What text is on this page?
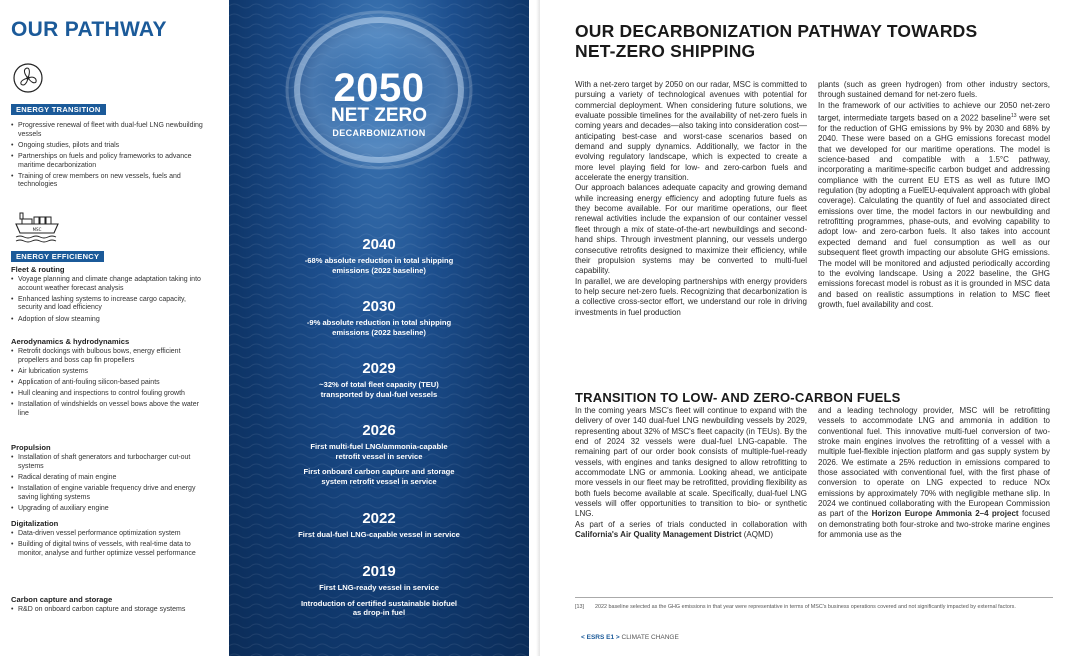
OUR PATHWAY
ENERGY TRANSITION
• Progressive renewal of fleet with dual-fuel LNG newbuilding vessels
• Ongoing studies, pilots and trials
• Partnerships on fuels and policy frameworks to advance maritime decarbonization
• Training of crew members on new vessels, fuels and technologies
MSC
ENERGY EFFICIENCY
Fleet & routing
• Voyage planning and climate change adaptation taking into account weather forecast analysis
• Enhanced lashing systems to increase cargo capacity, security and load efficiency
• Adoption of slow steaming
Aerodynamics & hydrodynamics
• Retrofit dockings with bulbous bows, energy efficient propellers and boss cap fin propellers
• Air lubrication systems
• Application of anti-fouling silicon-based paints
• Hull cleaning and inspections to control fouling growth
• Installation of windshields on vessel bows above the water line
Propulsion
• Installation of shaft generators and turbocharger cut-out systems
• Radical derating of main engine
• Installation of engine variable frequency drive and energy saving lighting systems
• Upgrading of auxiliary engine
Digitalization
• Data-driven vessel performance optimization system
• Building of digital twins of vessels, with real-time data to monitor, analyse and further optimize vessel performance
Carbon capture and storage
• R&D on onboard carbon capture and storage systems
2050
NET ZERO
DECARBONIZATION
2040
-68% absolute reduction in total shipping
emissions (2022 baseline)
2030
-9% absolute reduction in total shipping
emissions (2022 baseline)
2029
~32% of total fleet capacity (TEU)
transported by dual-fuel vessels
2026
First multi-fuel LNG/ammonia-capable
retrofit vessel in service
First onboard carbon capture and storage
system retrofit vessel in service
2022
First dual-fuel LNG-capable vessel in service
2019
First LNG-ready vessel in service
Introduction of certified sustainable biofuel
as drop-in fuel
OUR DECARBONIZATION PATHWAY TOWARDS
NET-ZERO SHIPPING

With a net-zero target by 2050 on our radar, MSC is committed to pursuing a variety of technological avenues with potential for commercial deployment. When considering future solutions, we evaluate possible timelines for the availability of net-zero fuels in coming years and decades—also taking into consideration cost—anticipating best-case and worst-case scenarios based on demand and supply dynamics. Additionally, we factor in the evolving regulatory landscape, which is expected to create a more level playing field for low- and zero-carbon fuels and accelerate the energy transition.

Our approach balances adequate capacity and growing demand while increasing energy efficiency and adopting future fuels as they become available. For our maritime operations, our fleet renewal activities include the expansion of our container vessel fleet through a mix of state-of-the-art newbuildings and second-hand ships. Through investment planning, our vessels undergo consecutive retrofits designed to maximize their efficiency, while their propulsion systems may be converted to multi-fuel capability.

In parallel, we are developing partnerships with energy providers to help secure net-zero fuels. Recognizing that decarbonization is a collective cross-sector effort, we understand our role in driving investments in fuel production

plants (such as green hydrogen) from other industry sectors, through sustained demand for net-zero fuels.

In the framework of our activities to achieve our 2050 net-zero target, intermediate targets based on a 2022 baseline$^{13}$ were set for the reduction of GHG emissions by 9% by 2030 and 68% by 2040. These were based on a GHG emissions forecast model that we developed for our maritime operations. The model is science-based and compatible with a 1.5°C pathway, incorporating a maritime-specific carbon budget and addressing compliance with the current EU ETS as well as future IMO regulation (by adopting a FuelEU-equivalent approach with global coverage). Calculating the quantity of fuel and associated direct emissions over time, the model factors in our newbuilding and retrofitting programmes, phase-outs, and evolving capability to adopt low- and zero-carbon fuels. It also takes into account expected demand and fuel consumption as well as our subsequent fleet growth impacting our absolute GHG emissions. The model will be monitored and adjusted periodically according to the evolving landscape. Using a 2022 baseline, the GHG emissions forecast model is robust as it is grounded in MSC data and based on realistic assumptions in relation to MSC fleet growth, fuel availability and cost.

TRANSITION TO LOW- AND ZERO-CARBON FUELS

In the coming years MSC's fleet will continue to expand with the delivery of over 140 dual-fuel LNG newbuilding vessels by 2029, representing about 32% of MSC's fleet capacity (in TEUs). By the end of 2024 32 vessels were dual-fuel LNG-capable. The remaining part of our order book consists of multiple-fuel-ready vessels, with engines and tanks designed to allow retrofitting to accommodate LNG or ammonia. Looking ahead, we anticipate more vessels in our fleet may be retrofitted, providing flexibility as both fuels become available at scale. Specifically, dual-fuel LNG vessels will offer opportunities to transition to bio- or synthetic LNG.

As part of a series of trials conducted in collaboration with California's Air Quality Management District (AQMD)

and a leading technology provider, MSC will be retrofitting vessels to accommodate LNG and ammonia in addition to conventional fuel. This innovative multi-fuel conversion of two-stroke main engines involves the retrofitting of a vessel with a multiple fuel-flexible injection platform and gas supply system by 2026. We estimate a 25% reduction in emissions compared to those associated with conventional fuel, with the first phase of conversion to operate on LNG expected to reduce NOx emissions by approximately 70% with negligible methane slip. In 2024 we continued collaborating with the European Commission as part of the Horizon Europe Ammonia 2–4 project focused on demonstrating both four-stroke and two-stroke marine engines for ammonia use as the

[13] 2022 baseline selected as the GHG emissions in that year were representative in terms of MSC's business operations covered and not significantly impacted by external factors.
< ESRS E1 > CLIMATE CHANGE
